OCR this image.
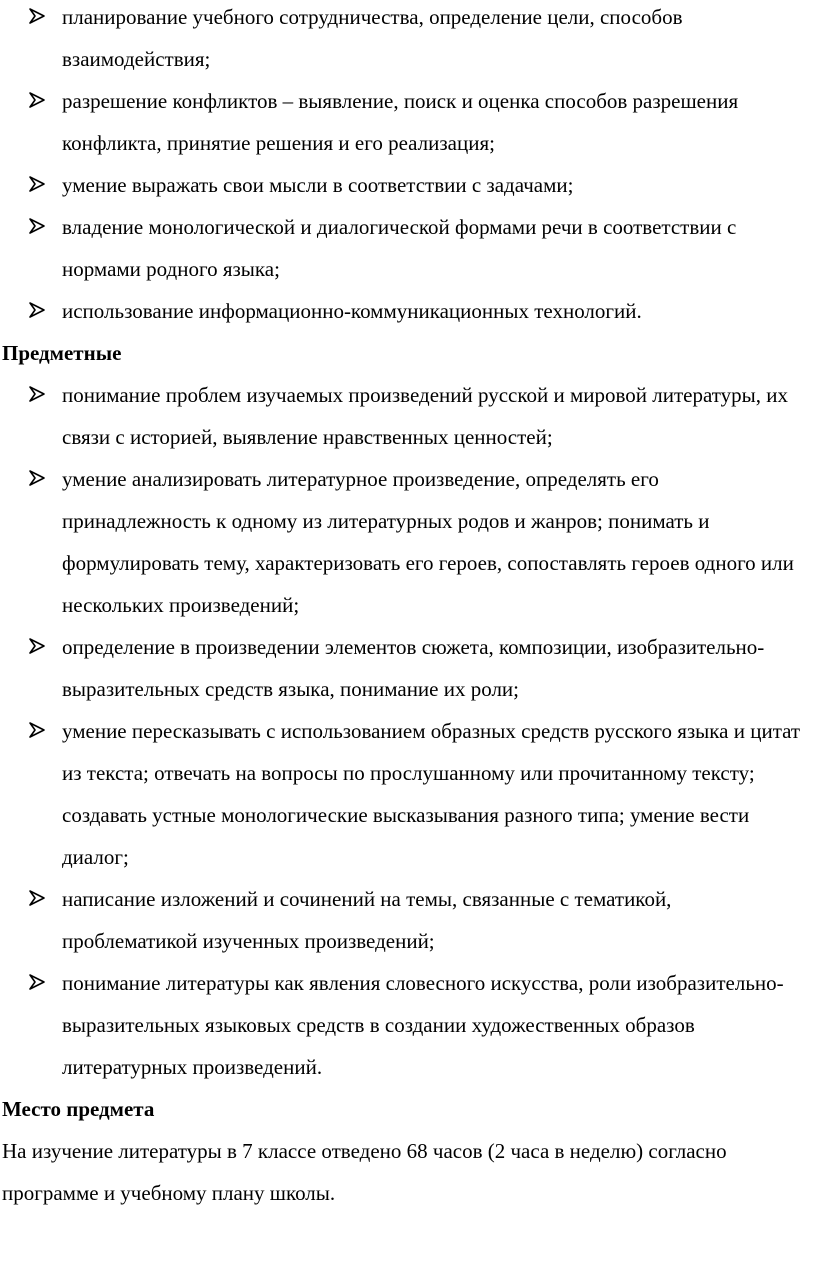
планирование учебного сотрудничества, определение цели, способов взаимодействия;
разрешение конфликтов – выявление, поиск и оценка способов разрешения конфликта, принятие решения и его реализация;
умение выражать свои мысли в соответствии с задачами;
владение монологической и диалогической формами речи в соответствии с нормами родного языка;
использование информационно-коммуникационных технологий.
Предметные
понимание проблем изучаемых произведений русской и мировой литературы, их связи с историей, выявление нравственных ценностей;
умение анализировать литературное произведение, определять его принадлежность к одному из литературных родов и жанров; понимать и формулировать тему, характеризовать его героев, сопоставлять героев одного или нескольких произведений;
определение в произведении элементов сюжета, композиции, изобразительно-выразительных средств языка, понимание их роли;
умение пересказывать с использованием образных средств русского языка и цитат из текста; отвечать на вопросы по прослушанному или прочитанному тексту; создавать устные монологические высказывания разного типа; умение вести диалог;
написание изложений и сочинений на темы, связанные с тематикой, проблематикой изученных произведений;
понимание литературы как явления словесного искусства, роли изобразительно-выразительных языковых средств в создании художественных образов литературных произведений.
Место предмета

На изучение литературы в 7 классе отведено 68 часов (2 часа в неделю) согласно программе и учебному плану школы.
